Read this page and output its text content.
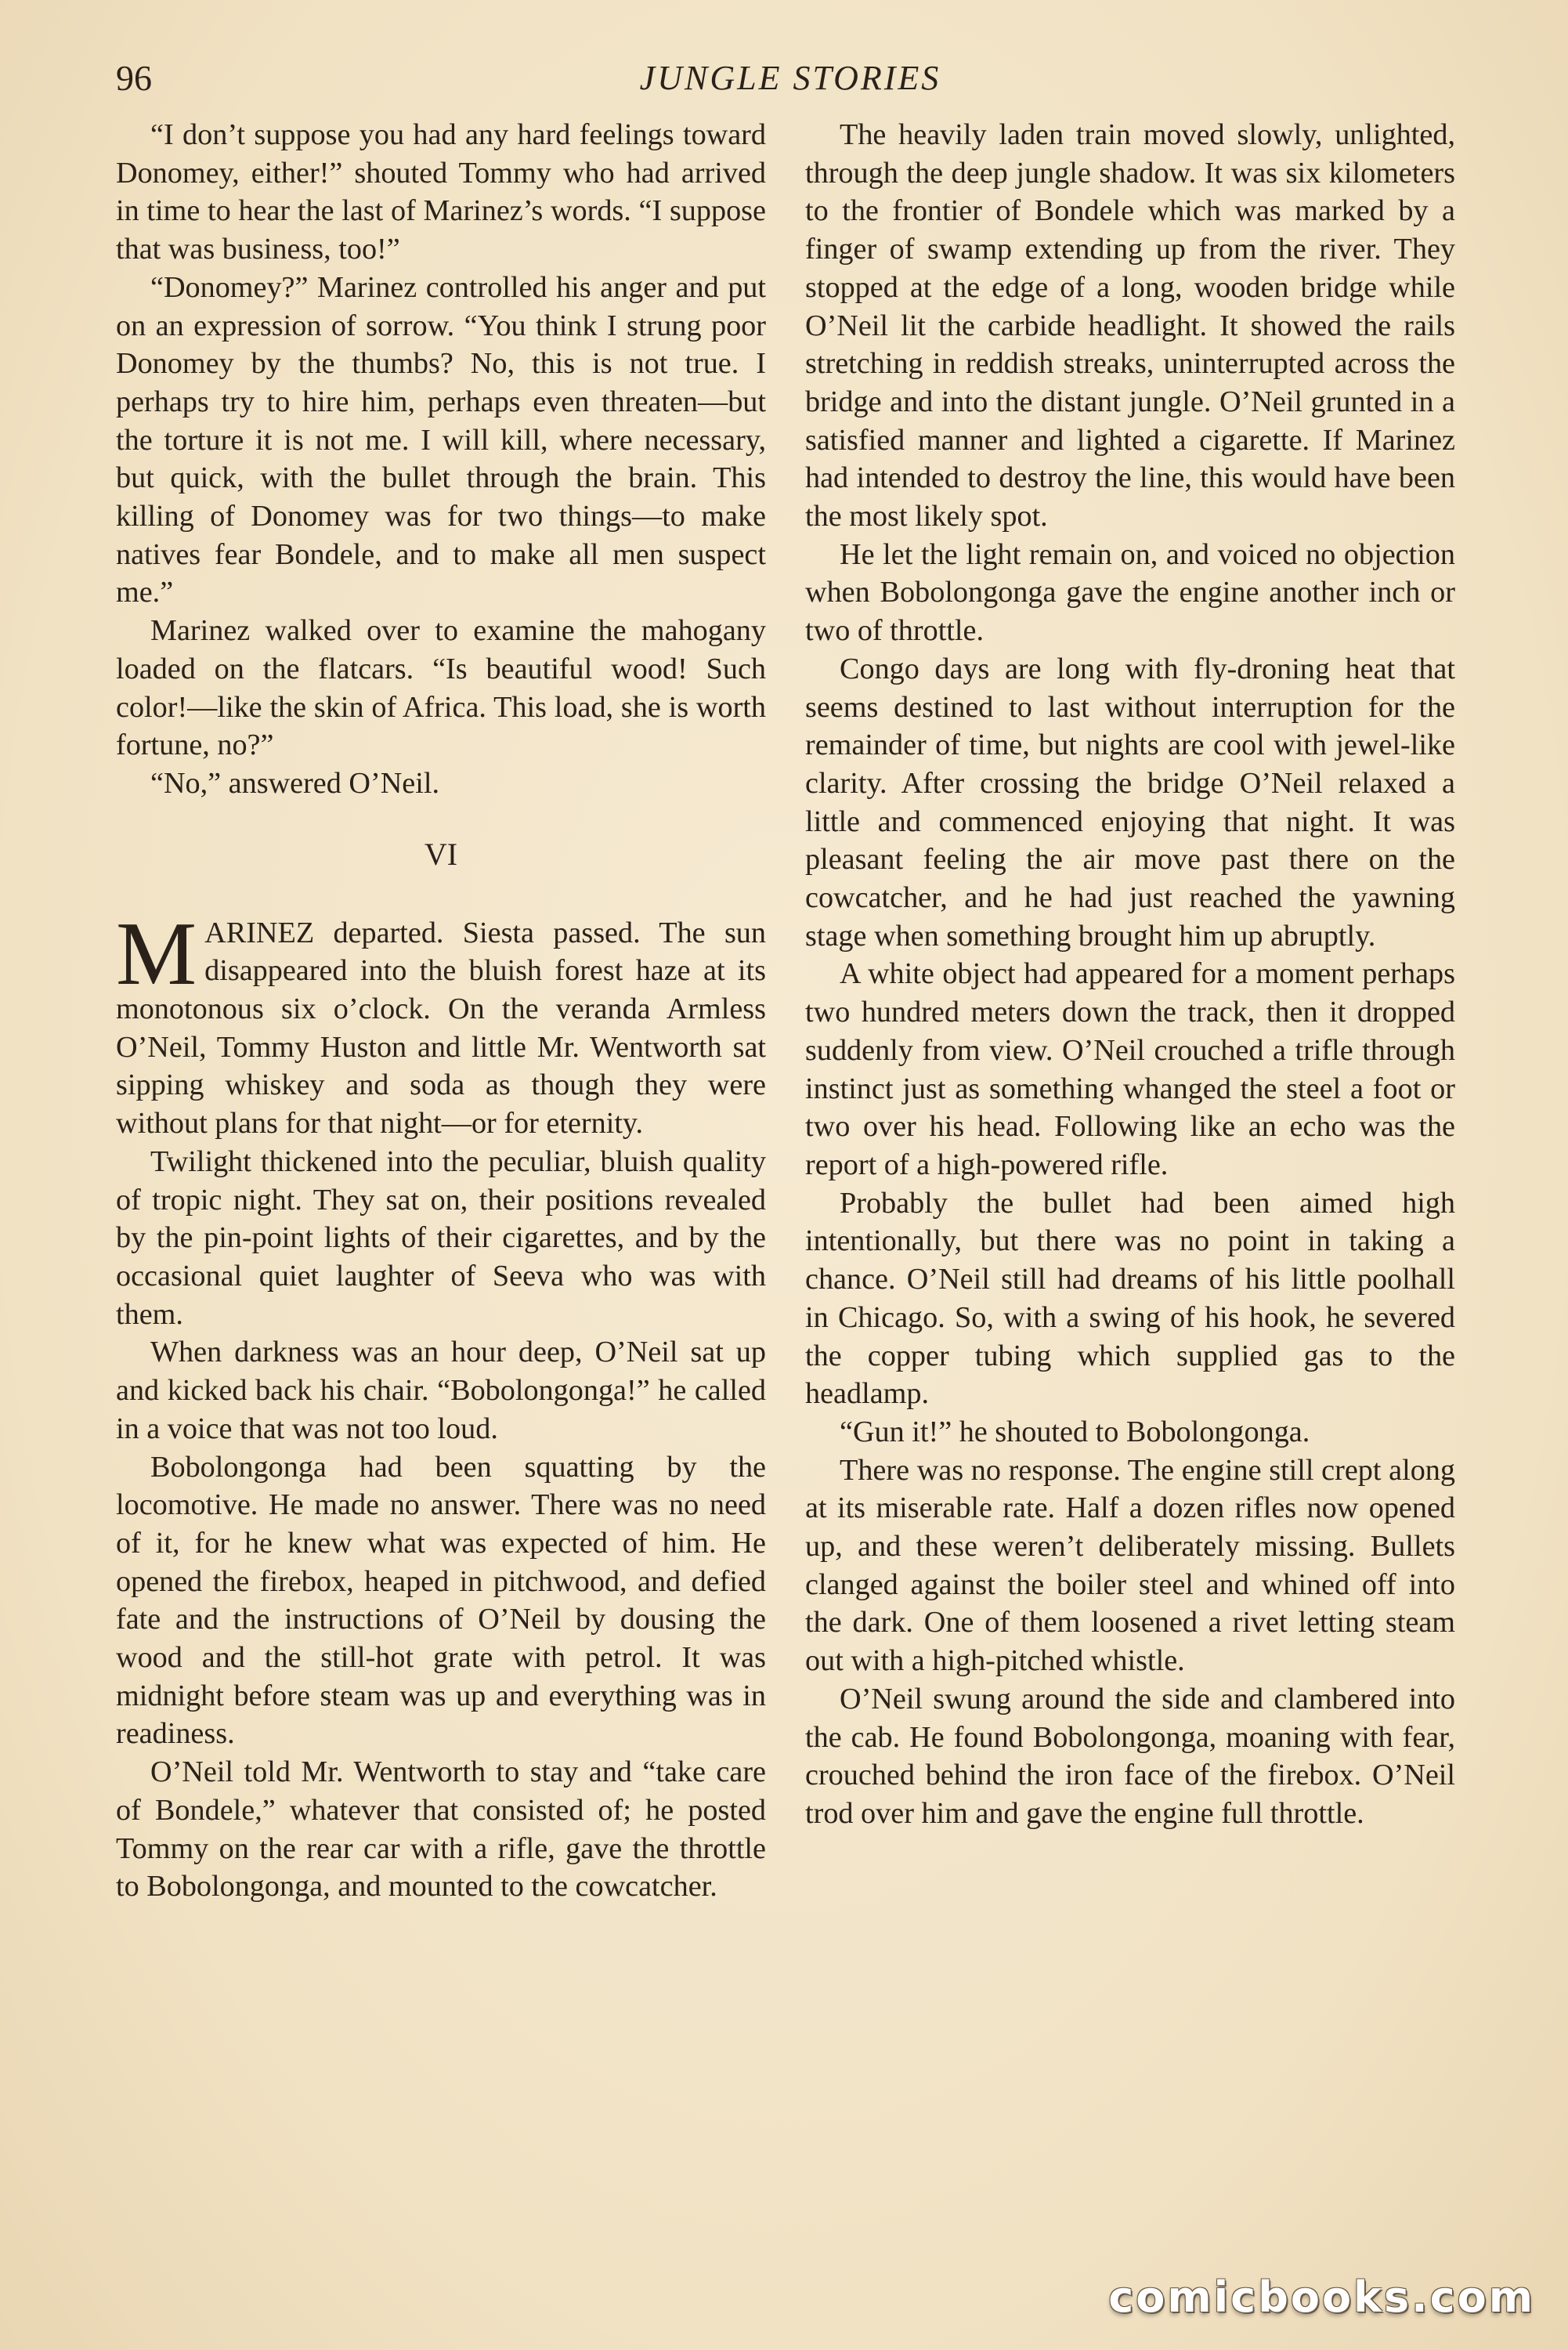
96	JUNGLE STORIES

“I don’t suppose you had any hard feelings toward Donomey, either!” shouted Tommy who had arrived in time to hear the last of Marinez’s words. “I suppose that was business, too!”

“Donomey?” Marinez controlled his anger and put on an expression of sorrow. “You think I strung poor Donomey by the thumbs? No, this is not true. I perhaps try to hire him, perhaps even threaten—but the torture it is not me. I will kill, where necessary, but quick, with the bullet through the brain. This killing of Donomey was for two things—to make natives fear Bondele, and to make all men suspect me.”

Marinez walked over to examine the mahogany loaded on the flatcars. “Is beautiful wood! Such color!—like the skin of Africa. This load, she is worth fortune, no?”

“No,” answered O’Neil.

VI

MARINEZ departed. Siesta passed. The sun disappeared into the bluish forest haze at its monotonous six o’clock. On the veranda Armless O’Neil, Tommy Huston and little Mr. Wentworth sat sipping whiskey and soda as though they were without plans for that night—or for eternity.

Twilight thickened into the peculiar, bluish quality of tropic night. They sat on, their positions revealed by the pin-point lights of their cigarettes, and by the occasional quiet laughter of Seeva who was with them.

When darkness was an hour deep, O’Neil sat up and kicked back his chair. “Bobolongonga!” he called in a voice that was not too loud.

Bobolongonga had been squatting by the locomotive. He made no answer. There was no need of it, for he knew what was expected of him. He opened the firebox, heaped in pitchwood, and defied fate and the instructions of O’Neil by dousing the wood and the still-hot grate with petrol. It was midnight before steam was up and everything was in readiness.

O’Neil told Mr. Wentworth to stay and “take care of Bondele,” whatever that consisted of; he posted Tommy on the rear car with a rifle, gave the throttle to Bobolongonga, and mounted to the cowcatcher.

The heavily laden train moved slowly, unlighted, through the deep jungle shadow. It was six kilometers to the frontier of Bondele which was marked by a finger of swamp extending up from the river. They stopped at the edge of a long, wooden bridge while O’Neil lit the carbide headlight. It showed the rails stretching in reddish streaks, uninterrupted across the bridge and into the distant jungle. O’Neil grunted in a satisfied manner and lighted a cigarette. If Marinez had intended to destroy the line, this would have been the most likely spot.

He let the light remain on, and voiced no objection when Bobolongonga gave the engine another inch or two of throttle.

Congo days are long with fly-droning heat that seems destined to last without interruption for the remainder of time, but nights are cool with jewel-like clarity. After crossing the bridge O’Neil relaxed a little and commenced enjoying that night. It was pleasant feeling the air move past there on the cowcatcher, and he had just reached the yawning stage when something brought him up abruptly.

A white object had appeared for a moment perhaps two hundred meters down the track, then it dropped suddenly from view. O’Neil crouched a trifle through instinct just as something whanged the steel a foot or two over his head. Following like an echo was the report of a high-powered rifle.

Probably the bullet had been aimed high intentionally, but there was no point in taking a chance. O’Neil still had dreams of his little poolhall in Chicago. So, with a swing of his hook, he severed the copper tubing which supplied gas to the headlamp.

“Gun it!” he shouted to Bobolongonga.

There was no response. The engine still crept along at its miserable rate. Half a dozen rifles now opened up, and these weren’t deliberately missing. Bullets clanged against the boiler steel and whined off into the dark. One of them loosened a rivet letting steam out with a high-pitched whistle.

O’Neil swung around the side and clambered into the cab. He found Bobolongonga, moaning with fear, crouched behind the iron face of the firebox. O’Neil trod over him and gave the engine full throttle.

comicbooks.com
